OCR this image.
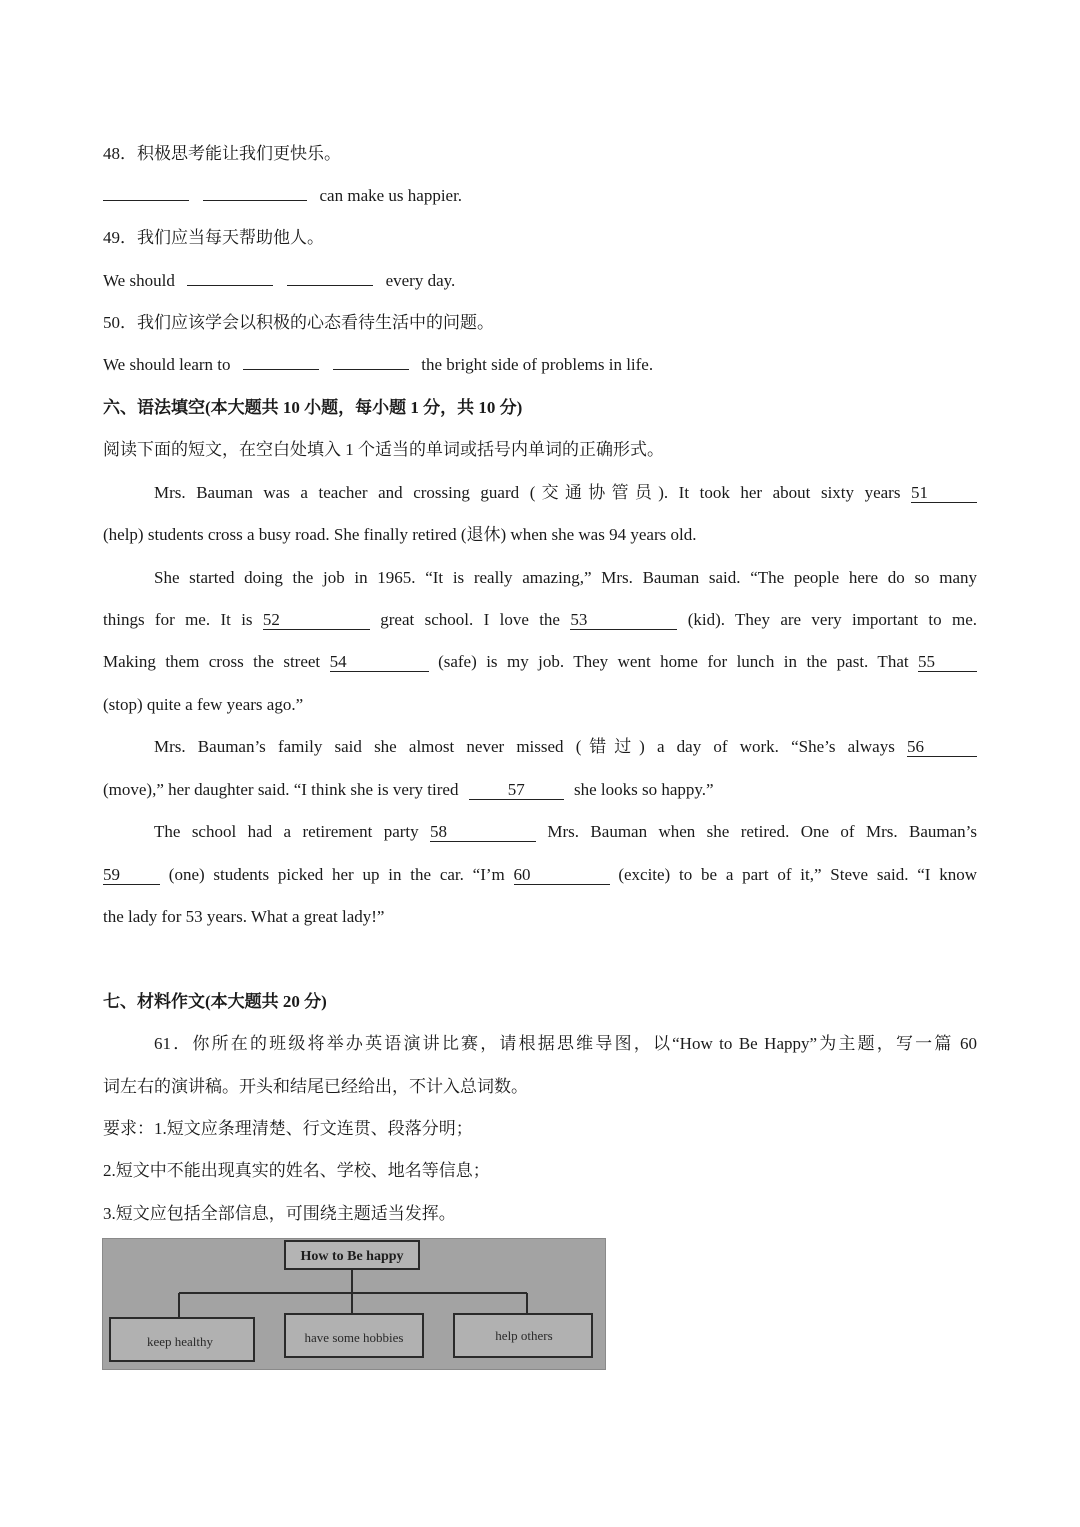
48．积极思考能让我们更快乐。
can make us happier.
49．我们应当每天帮助他人。
We should	every day.
50．我们应该学会以积极的心态看待生活中的问题。
We should learn to	the bright side of problems in life.
六、语法填空(本大题共 10 小题，每小题 1 分，共 10 分)
阅读下面的短文，在空白处填入 1 个适当的单词或括号内单词的正确形式。
Mrs. Bauman was a teacher and crossing guard (交通协管员). It took her about sixty years 51
(help) students cross a busy road. She finally retired (退休) when she was 94 years old.
She started doing the job in 1965. “It is really amazing,” Mrs. Bauman said. “The people here do so many
things for me. It is 52	great school. I love the 53	(kid). They are very important to me.
Making them cross the street 54	(safe) is my job. They went home for lunch in the past. That 55
(stop) quite a few years ago.”
Mrs. Bauman’s family said she almost never missed (错过) a day of work. “She’s always 56
(move),” her daughter said. “I think she is very tired	57	she looks so happy.”
The school had a retirement party 58	Mrs. Bauman when she retired. One of Mrs. Bauman’s
59	(one) students picked her up in the car. “I’m 60	(excite) to be a part of it,” Steve said. “I know
the lady for 53 years. What a great lady!”
七、材料作文(本大题共 20 分)
61．你所在的班级将举办英语演讲比赛，请根据思维导图，以“How to Be Happy”为主题，写一篇 60
词左右的演讲稿。开头和结尾已经给出，不计入总词数。
要求：1.短文应条理清楚、行文连贯、段落分明；
2.短文中不能出现真实的姓名、学校、地名等信息；
3.短文应包括全部信息，可围绕主题适当发挥。
How to Be happy
keep healthy	have some hobbies	help others
